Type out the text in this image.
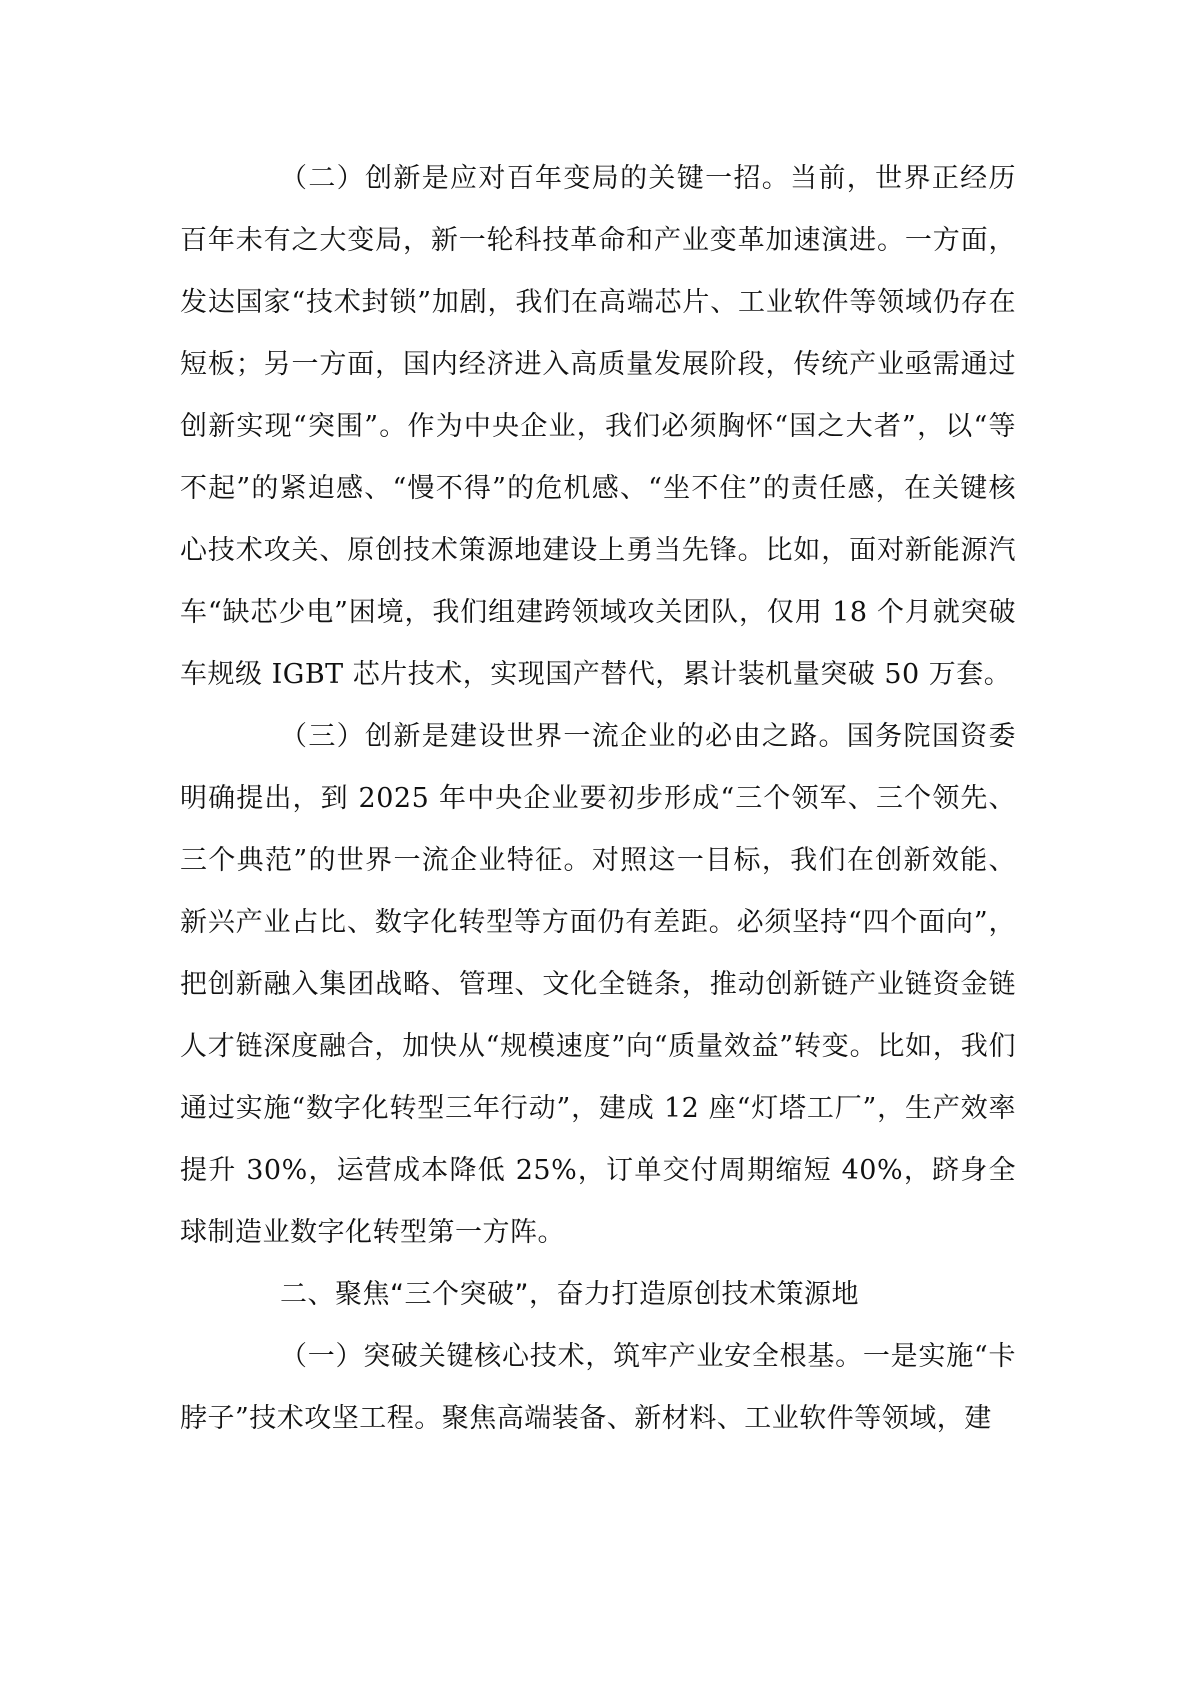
（二）创新是应对百年变局的关键一招。当前，世界正经历百年未有之大变局，新一轮科技革命和产业变革加速演进。一方面，发达国家“技术封锁”加剧，我们在高端芯片、工业软件等领域仍存在短板；另一方面，国内经济进入高质量发展阶段，传统产业亟需通过创新实现“突围”。作为中央企业，我们必须胸怀“国之大者”，以“等不起”的紧迫感、“慢不得”的危机感、“坐不住”的责任感，在关键核心技术攻关、原创技术策源地建设上勇当先锋。比如，面对新能源汽车“缺芯少电”困境，我们组建跨领域攻关团队，仅用 18 个月就突破车规级 IGBT 芯片技术，实现国产替代，累计装机量突破 50 万套。

（三）创新是建设世界一流企业的必由之路。国务院国资委明确提出，到 2025 年中央企业要初步形成“三个领军、三个领先、三个典范”的世界一流企业特征。对照这一目标，我们在创新效能、新兴产业占比、数字化转型等方面仍有差距。必须坚持“四个面向”，把创新融入集团战略、管理、文化全链条，推动创新链产业链资金链人才链深度融合，加快从“规模速度”向“质量效益”转变。比如，我们通过实施“数字化转型三年行动”，建成 12 座“灯塔工厂”，生产效率提升 30%，运营成本降低 25%，订单交付周期缩短 40%，跻身全球制造业数字化转型第一方阵。

二、聚焦“三个突破”，奋力打造原创技术策源地

（一）突破关键核心技术，筑牢产业安全根基。一是实施“卡脖子”技术攻坚工程。聚焦高端装备、新材料、工业软件等领域，建
